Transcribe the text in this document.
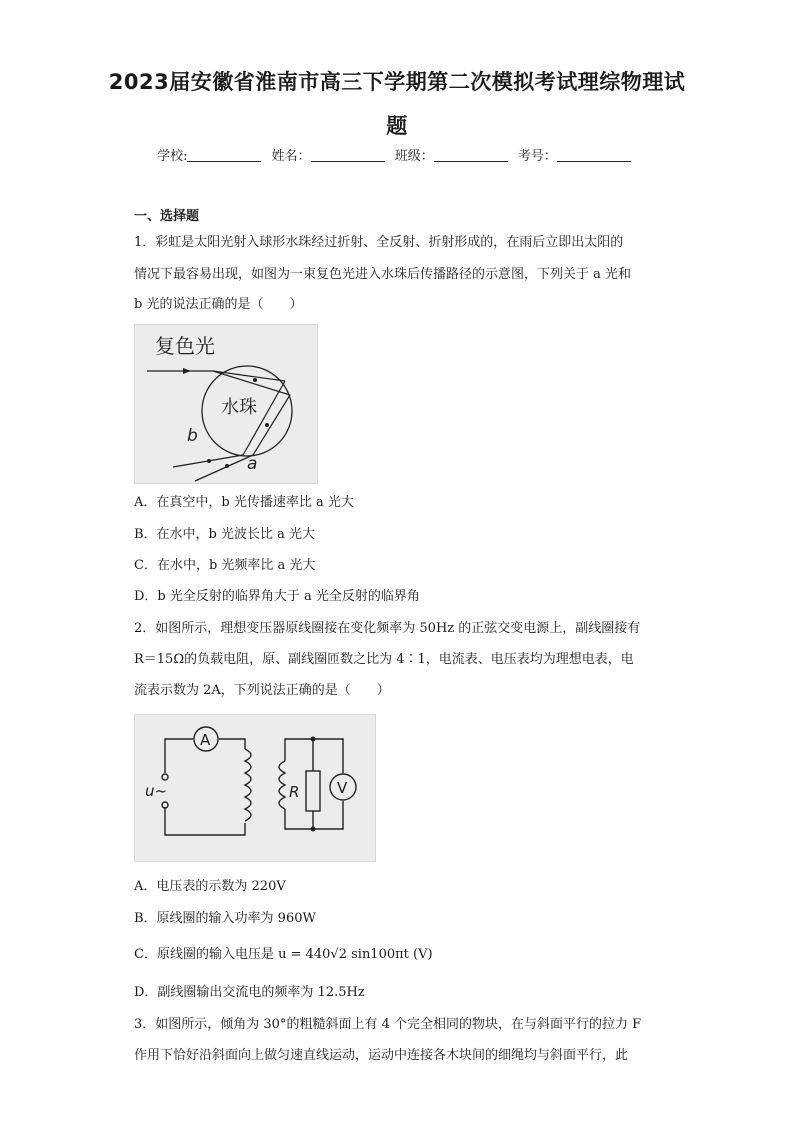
2023届安徽省淮南市高三下学期第二次模拟考试理综物理试
题
学校:	姓名：	班级：	考号：
一、选择题
1．彩虹是太阳光射入球形水珠经过折射、全反射、折射形成的，在雨后立即出太阳的
情况下最容易出现，如图为一束复色光进入水珠后传播路径的示意图，下列关于 a 光和
b 光的说法正确的是（　　）
复色光
水珠
b
a
A．在真空中，b 光传播速率比 a 光大
B．在水中，b 光波长比 a 光大
C．在水中，b 光频率比 a 光大
D．b 光全反射的临界角大于 a 光全反射的临界角
2．如图所示，理想变压器原线圈接在变化频率为 50Hz 的正弦交变电源上，副线圈接有
R＝15Ω的负载电阻，原、副线圈匝数之比为 4∶1，电流表、电压表均为理想电表，电
流表示数为 2A，下列说法正确的是（　　）
A
V
R
u~
A．电压表的示数为 220V
B．原线圈的输入功率为 960W
C．原线圈的输入电压是 u = 440√2 sin100πt (V)
D．副线圈输出交流电的频率为 12.5Hz
3．如图所示，倾角为 30°的粗糙斜面上有 4 个完全相同的物块，在与斜面平行的拉力 F
作用下恰好沿斜面向上做匀速直线运动，运动中连接各木块间的细绳均与斜面平行，此
